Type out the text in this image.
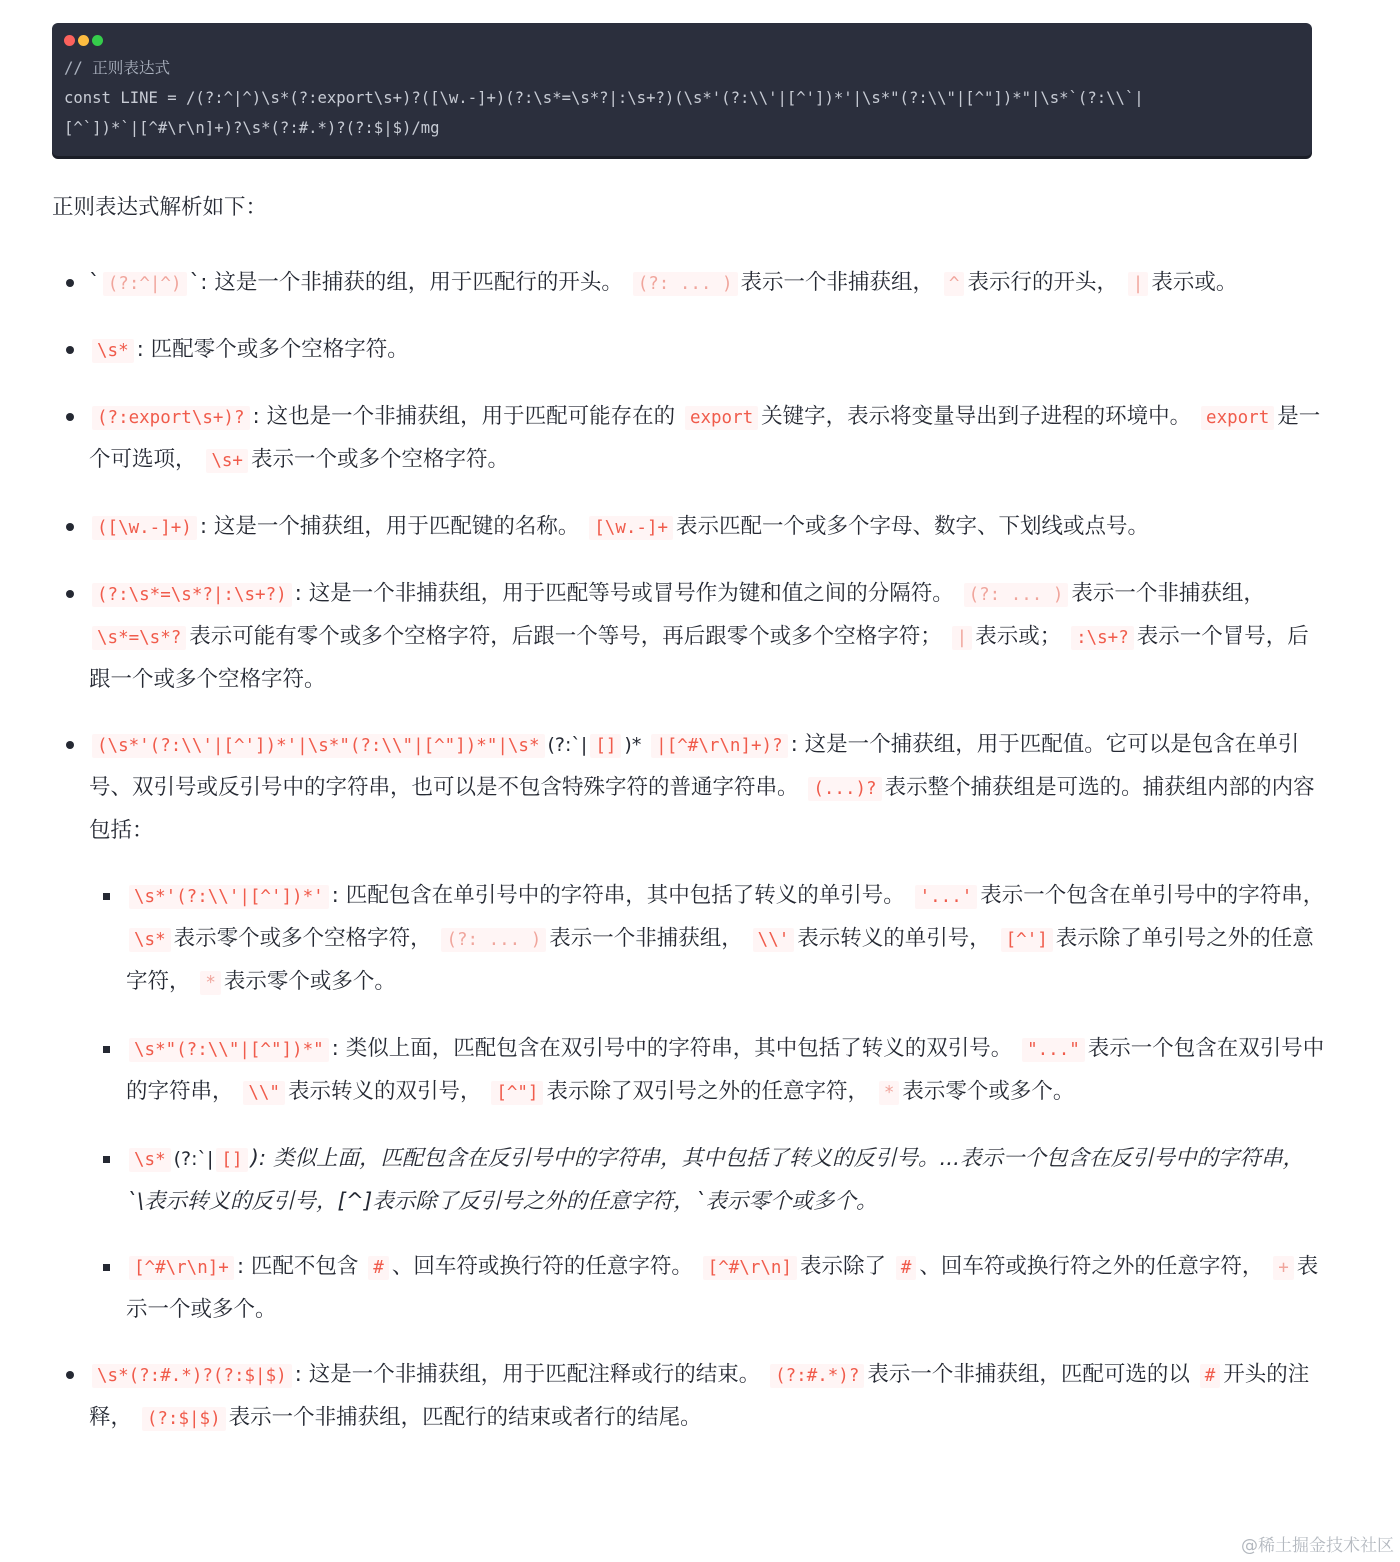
// 正则表达式
const LINE = /(?:^|^)\s*(?:export\s+)?([\w.-]+)(?:\s*=\s*?|:\s+?)(\s*'(?:\\'|[^'])*'|\s*"(?:\\"|[^"])*"|\s*`(?:\\`|
[^`])*`|[^#\r\n]+)?\s*(?:#.*)?(?:$|$)/mg

正则表达式解析如下：

` (?:^|^) `: 这是一个非捕获的组，用于匹配行的开头。 (?: ... ) 表示一个非捕获组， ^ 表示行的开头， | 表示或。
\s* : 匹配零个或多个空格字符。
(?:export\s+)? : 这也是一个非捕获组，用于匹配可能存在的 export 关键字，表示将变量导出到子进程的环境中。 export 是一个可选项， \s+ 表示一个或多个空格字符。
([\w.-]+) : 这是一个捕获组，用于匹配键的名称。 [\w.-]+ 表示匹配一个或多个字母、数字、下划线或点号。
(?:\s*=\s*?|:\s+?) : 这是一个非捕获组，用于匹配等号或冒号作为键和值之间的分隔符。 (?: ... ) 表示一个非捕获组， \s*=\s*? 表示可能有零个或多个空格字符，后跟一个等号，再后跟零个或多个空格字符； | 表示或； :\s+? 表示一个冒号，后跟一个或多个空格字符。
(\s*'(?:\\'|[^'])*'|\s*"(?:\\"|[^"])*"|\s* (?:`| [] )* |[^#\r\n]+)? : 这是一个捕获组，用于匹配值。它可以是包含在单引号、双引号或反引号中的字符串，也可以是不包含特殊字符的普通字符串。 (...)? 表示整个捕获组是可选的。捕获组内部的内容包括：
\s*'(?:\\'|[^'])*' : 匹配包含在单引号中的字符串，其中包括了转义的单引号。 '...' 表示一个包含在单引号中的字符串， \s* 表示零个或多个空格字符， (?: ... ) 表示一个非捕获组， \\' 表示转义的单引号， [^'] 表示除了单引号之外的任意字符， * 表示零个或多个。
\s*"(?:\\"|[^"])*" : 类似上面，匹配包含在双引号中的字符串，其中包括了转义的双引号。 "..." 表示一个包含在双引号中的字符串， \\" 表示转义的双引号， [^"] 表示除了双引号之外的任意字符， * 表示零个或多个。
\s* (?:`| [] ): 类似上面，匹配包含在反引号中的字符串，其中包括了转义的反引号。...表示一个包含在反引号中的字符串，`\表示转义的反引号，[^]表示除了反引号之外的任意字符，`表示零个或多个。
[^#\r\n]+ : 匹配不包含 # 、回车符或换行符的任意字符。 [^#\r\n] 表示除了 # 、回车符或换行符之外的任意字符， + 表示一个或多个。
\s*(?:#.*)?(?:$|$) : 这是一个非捕获组，用于匹配注释或行的结束。 (?:#.*)? 表示一个非捕获组，匹配可选的以 # 开头的注释， (?:$|$) 表示一个非捕获组，匹配行的结束或者行的结尾。
@稀土掘金技术社区
